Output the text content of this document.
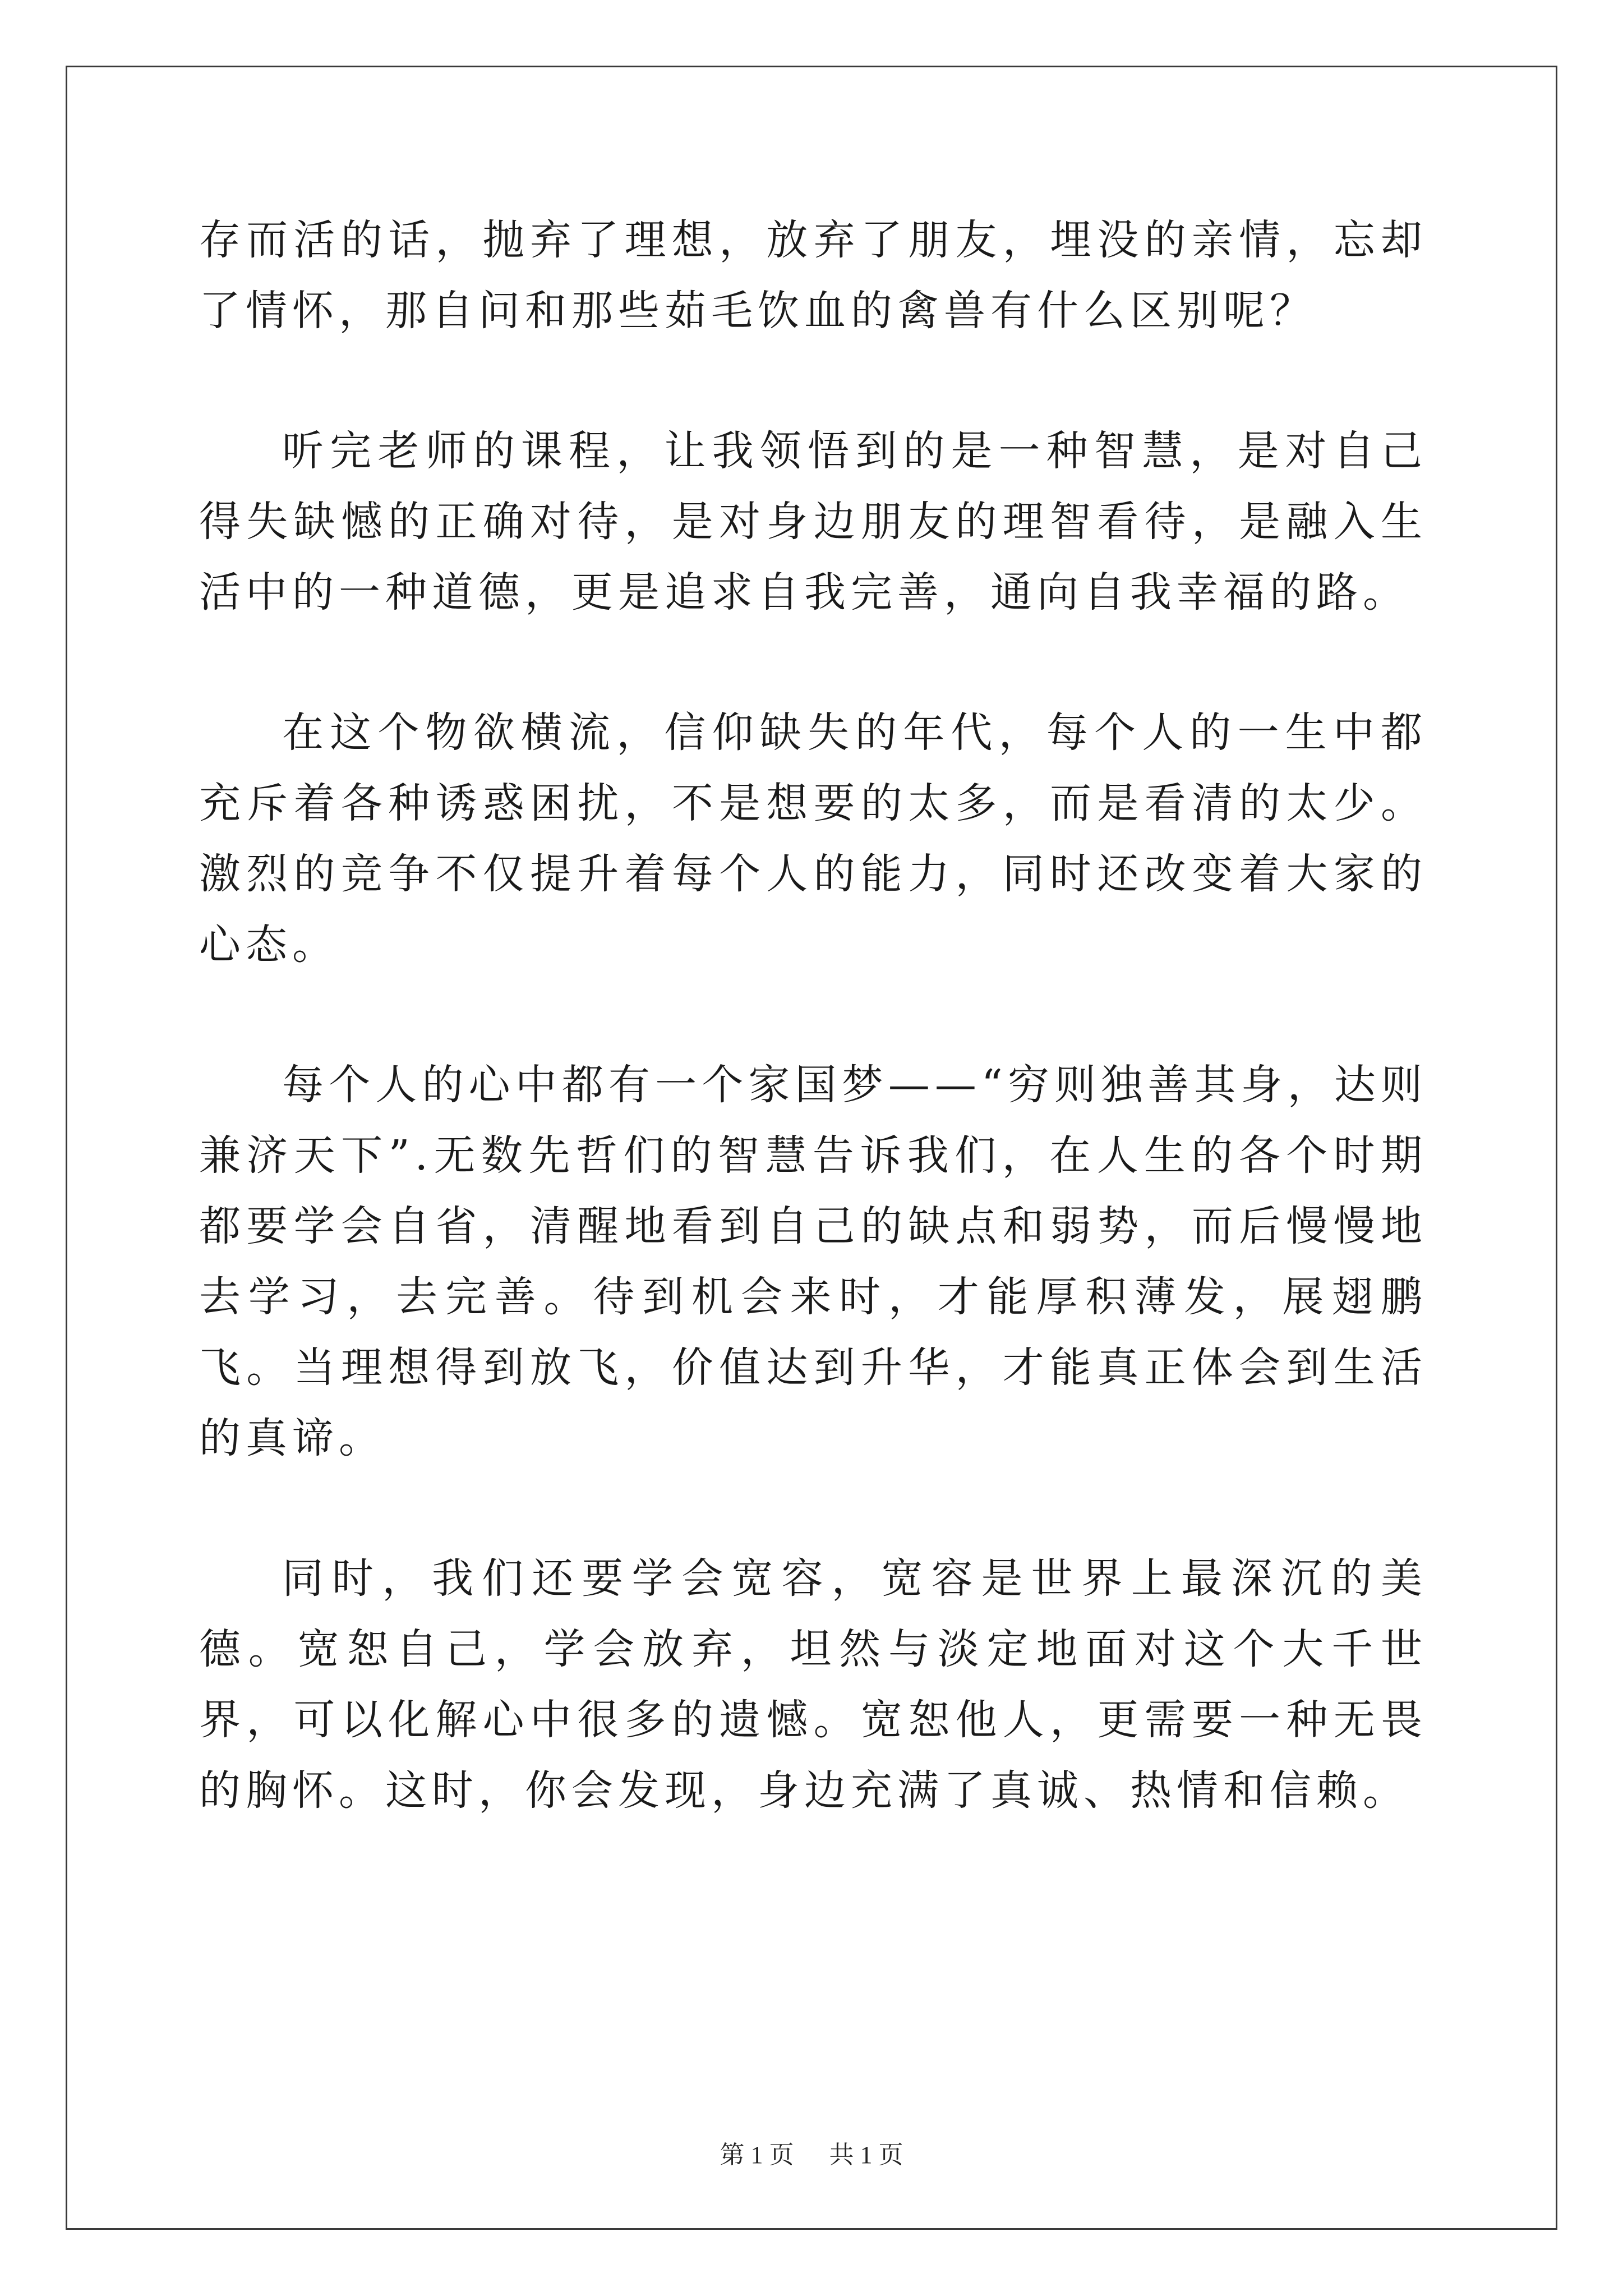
存而活的话，抛弃了理想，放弃了朋友，埋没的亲情，忘却了情怀，那自问和那些茹毛饮血的禽兽有什么区别呢？

听完老师的课程，让我领悟到的是一种智慧，是对自己得失缺憾的正确对待，是对身边朋友的理智看待，是融入生活中的一种道德，更是追求自我完善，通向自我幸福的路。

在这个物欲横流，信仰缺失的年代，每个人的一生中都充斥着各种诱惑困扰，不是想要的太多，而是看清的太少。激烈的竞争不仅提升着每个人的能力，同时还改变着大家的心态。

每个人的心中都有一个家国梦——“穷则独善其身，达则兼济天下”.无数先哲们的智慧告诉我们，在人生的各个时期都要学会自省，清醒地看到自己的缺点和弱势，而后慢慢地去学习，去完善。待到机会来时，才能厚积薄发，展翅鹏飞。当理想得到放飞，价值达到升华，才能真正体会到生活的真谛。

同时，我们还要学会宽容，宽容是世界上最深沉的美德。宽恕自己，学会放弃，坦然与淡定地面对这个大千世界，可以化解心中很多的遗憾。宽恕他人，更需要一种无畏的胸怀。这时，你会发现，身边充满了真诚、热情和信赖。

第 1 页 共 1 页
